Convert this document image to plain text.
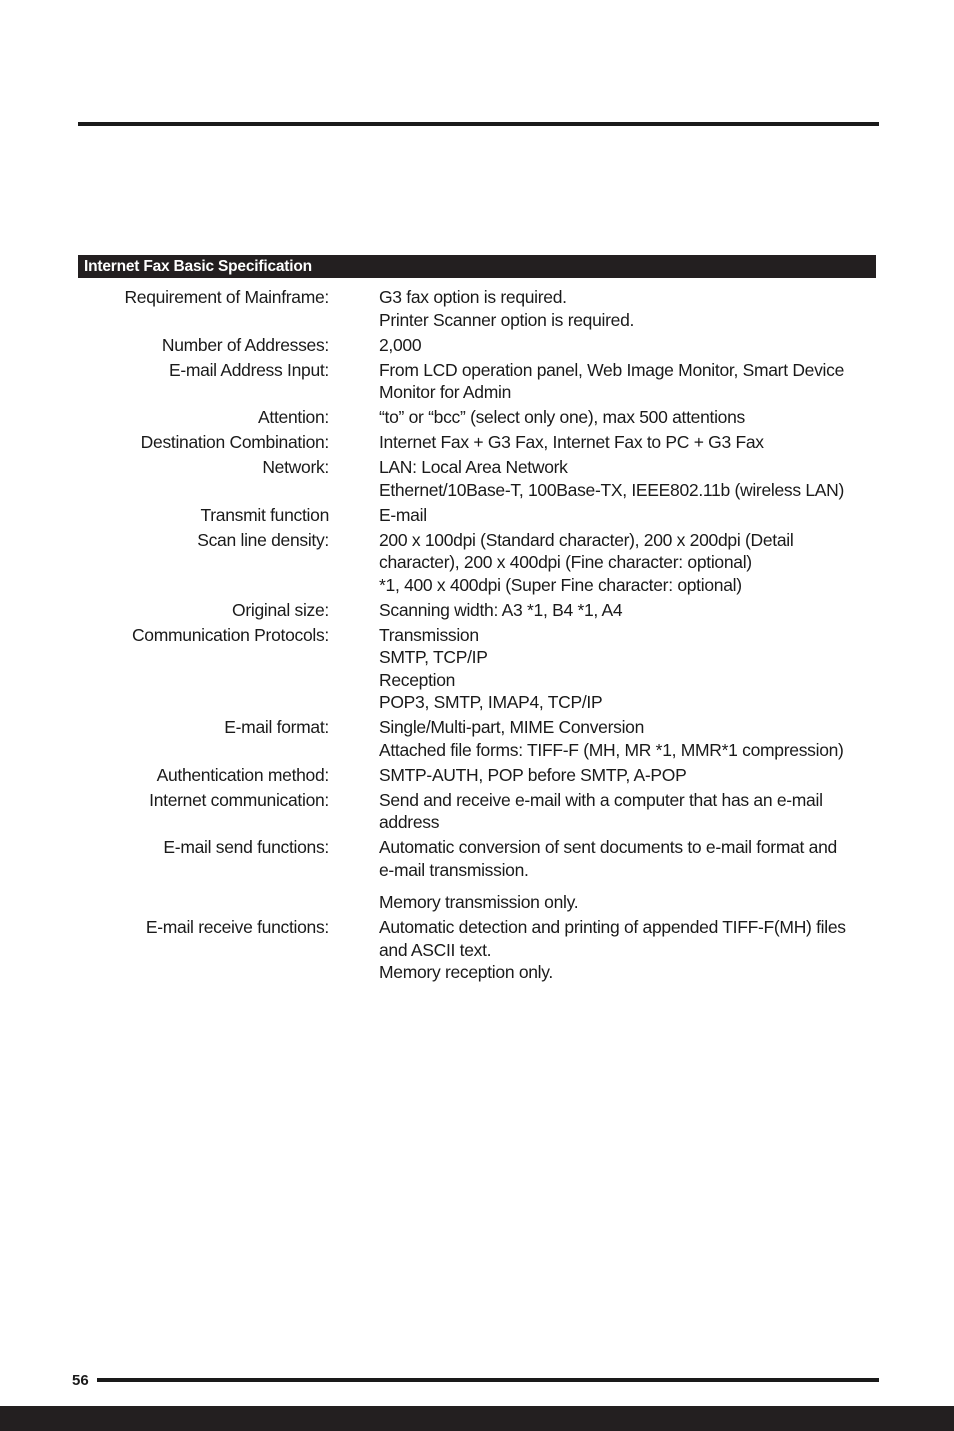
Internet Fax Basic Specification
Requirement of Mainframe:	G3 fax option is required.
Printer Scanner option is required.
Number of Addresses:	2,000
E-mail Address Input:	From LCD operation panel, Web Image Monitor, Smart Device
Monitor for Admin
Attention:	“to” or “bcc” (select only one), max 500 attentions
Destination Combination:	Internet Fax + G3 Fax, Internet Fax to PC + G3 Fax
Network:	LAN: Local Area Network
Ethernet/10Base-T, 100Base-TX, IEEE802.11b (wireless LAN)
Transmit function	E-mail
Scan line density:	200 x 100dpi (Standard character), 200 x 200dpi (Detail
character), 200 x 400dpi (Fine character: optional)
*1, 400 x 400dpi (Super Fine character: optional)
Original size:	Scanning width: A3 *1, B4 *1, A4
Communication Protocols:	Transmission
SMTP, TCP/IP
Reception
POP3, SMTP, IMAP4, TCP/IP
E-mail format:	Single/Multi-part, MIME Conversion
Attached file forms: TIFF-F (MH, MR *1, MMR*1 compression)
Authentication method:	SMTP-AUTH, POP before SMTP, A-POP
Internet communication:	Send and receive e-mail with a computer that has an e-mail
address
E-mail send functions:	Automatic conversion of sent documents to e-mail format and
e-mail transmission.
Memory transmission only.
E-mail receive functions:	Automatic detection and printing of appended TIFF-F(MH) files
and ASCII text.
Memory reception only.
56
